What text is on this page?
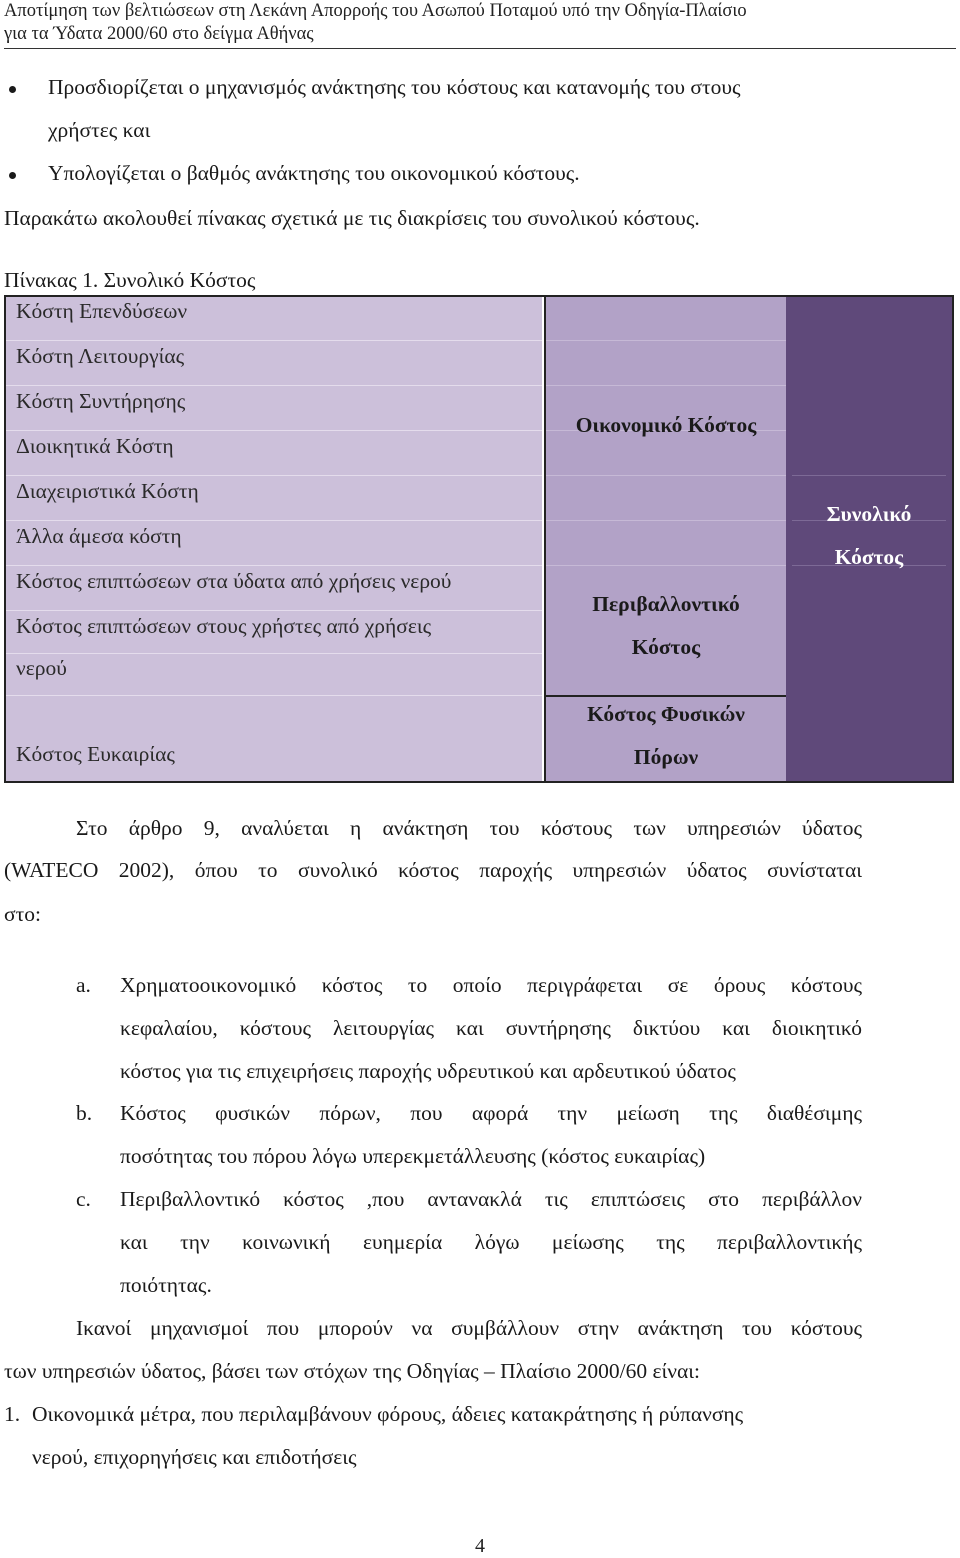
Αποτίμηση των βελτιώσεων στη Λεκάνη Απορροής του Ασωπού Ποταμού υπό την Οδηγία-Πλαίσιο
για τα Ύδατα 2000/60 στο δείγμα Αθήνας
Προσδιορίζεται ο μηχανισμός ανάκτησης του κόστους και κατανομής του στους
χρήστες και
Υπολογίζεται ο βαθμός ανάκτησης του οικονομικού κόστους.
Παρακάτω ακολουθεί πίνακας σχετικά με τις διακρίσεις του συνολικού κόστους.
Πίνακας 1. Συνολικό Κόστος
Κόστη Επενδύσεων
Κόστη Λειτουργίας
Κόστη Συντήρησης
Διοικητικά Κόστη
Διαχειριστικά Κόστη
Άλλα άμεσα κόστη
Κόστος επιπτώσεων στα ύδατα από χρήσεις νερού
Κόστος επιπτώσεων στους χρήστες από χρήσεις
νερού
Κόστος Ευκαιρίας
Οικονομικό Κόστος
Περιβαλλοντικό
Κόστος
Κόστος Φυσικών
Πόρων
Συνολικό
Κόστος
Στο άρθρο 9, αναλύεται η ανάκτηση του κόστους των υπηρεσιών ύδατος
(WATECO 2002), όπου το συνολικό κόστος παροχής υπηρεσιών ύδατος συνίσταται
στο:
a. Χρηματοοικονομικό κόστος το οποίο περιγράφεται σε όρους κόστους
κεφαλαίου, κόστους λειτουργίας και συντήρησης δικτύου και διοικητικό
κόστος για τις επιχειρήσεις παροχής υδρευτικού και αρδευτικού ύδατος
b. Κόστος φυσικών πόρων, που αφορά την μείωση της διαθέσιμης
ποσότητας του πόρου λόγω υπερεκμετάλλευσης (κόστος ευκαιρίας)
c. Περιβαλλοντικό κόστος ,που αντανακλά τις επιπτώσεις στο περιβάλλον
και την κοινωνική ευημερία λόγω μείωσης της περιβαλλοντικής
ποιότητας.
Ικανοί μηχανισμοί που μπορούν να συμβάλλουν στην ανάκτηση του κόστους
των υπηρεσιών ύδατος, βάσει των στόχων της Οδηγίας – Πλαίσιο 2000/60 είναι:
1. Οικονομικά μέτρα, που περιλαμβάνουν φόρους, άδειες κατακράτησης ή ρύπανσης
νερού, επιχορηγήσεις και επιδοτήσεις
4
